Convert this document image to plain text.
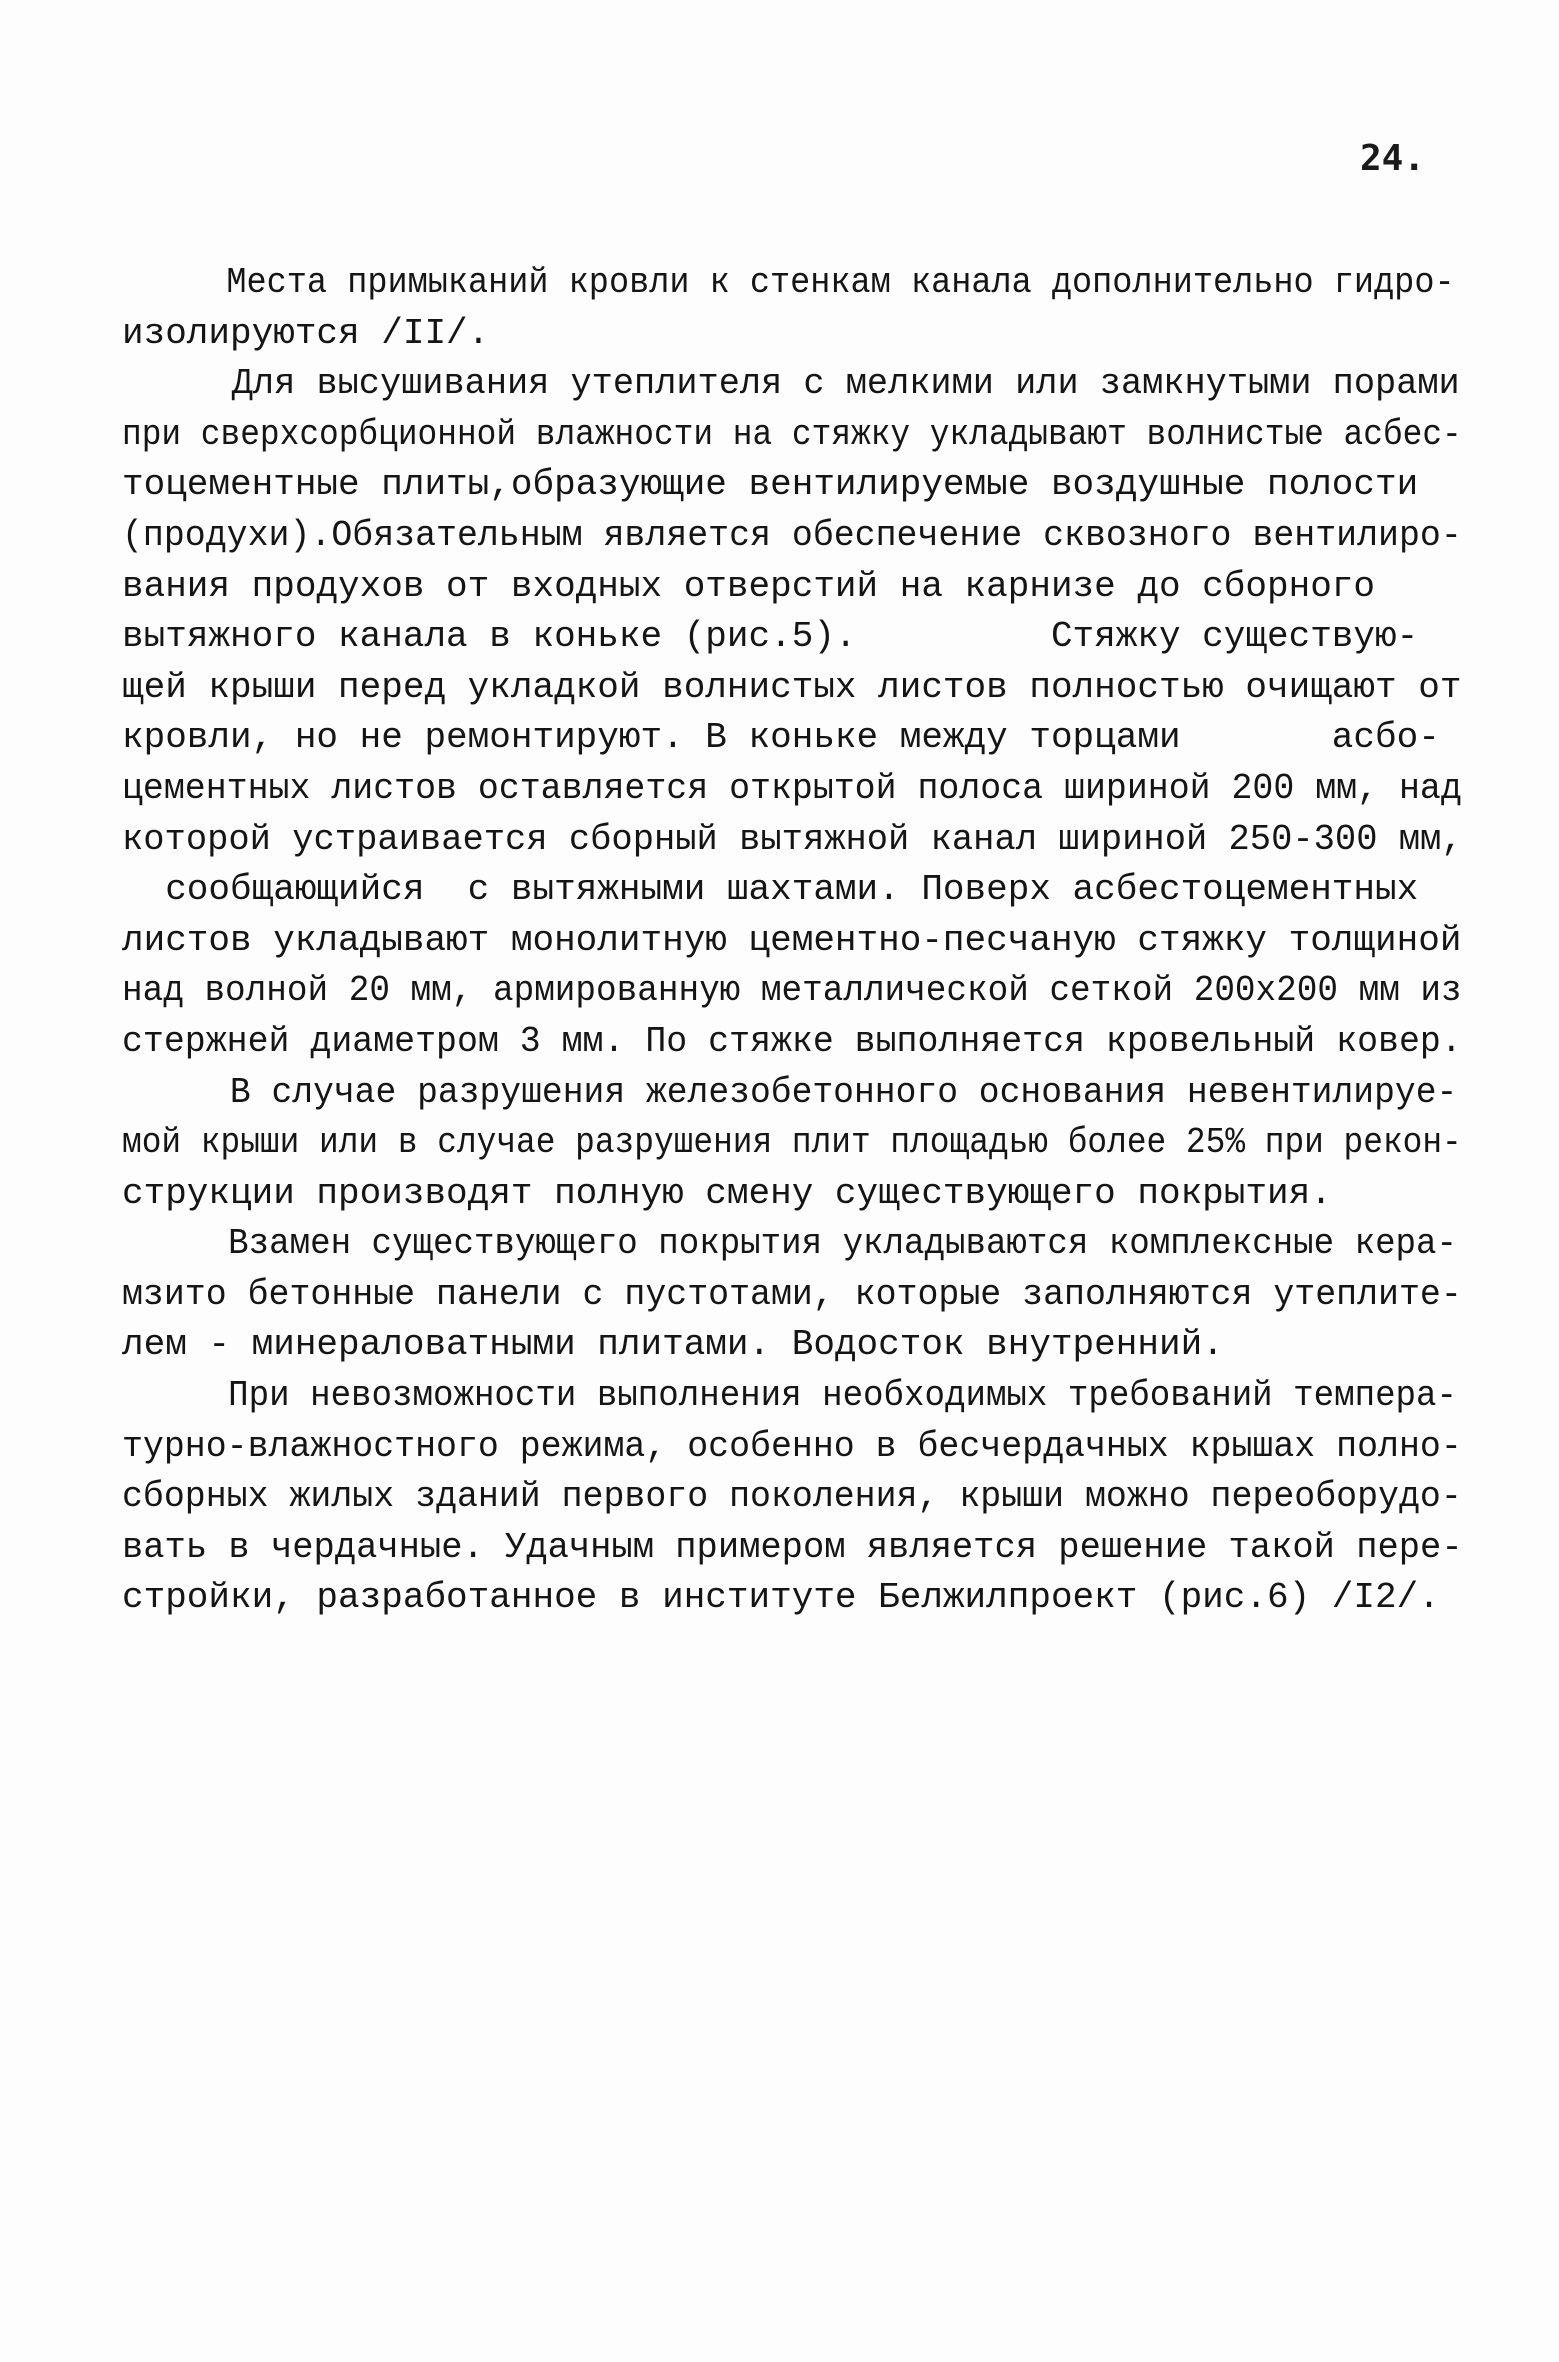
24.
Места примыканий кровли к стенкам канала дополнительно гидро-
изолируются /II/.
Для высушивания утеплителя с мелкими или замкнутыми порами
при сверхсорбционной влажности на стяжку укладывают волнистые асбес-
тоцементные плиты,образующие вентилируемые воздушные полости
(продухи).Обязательным является обеспечение сквозного вентилиро-
вания продухов от входных отверстий на карнизе до сборного
вытяжного канала в коньке (рис.5).         Стяжку существую-
щей крыши перед укладкой волнистых листов полностью очищают от
кровли, но не ремонтируют. В коньке между торцами       асбо-
цементных листов оставляется открытой полоса шириной 200 мм, над
которой устраивается сборный вытяжной канал шириной 250-300 мм,
сообщающийся  с вытяжными шахтами. Поверх асбестоцементных
листов укладывают монолитную цементно-песчаную стяжку толщиной
над волной 20 мм, армированную металлической сеткой 200х200 мм из
стержней диаметром 3 мм. По стяжке выполняется кровельный ковер.
В случае разрушения железобетонного основания невентилируе-
мой крыши или в случае разрушения плит площадью более 25% при рекон-
струкции производят полную смену существующего покрытия.
Взамен существующего покрытия укладываются комплексные кера-
мзито бетонные панели с пустотами, которые заполняются утеплите-
лем - минераловатными плитами. Водосток внутренний.
При невозможности выполнения необходимых требований темпера-
турно-влажностного режима, особенно в бесчердачных крышах полно-
сборных жилых зданий первого поколения, крыши можно переоборудо-
вать в чердачные. Удачным примером является решение такой пере-
стройки, разработанное в институте Белжилпроект (рис.6) /I2/.
